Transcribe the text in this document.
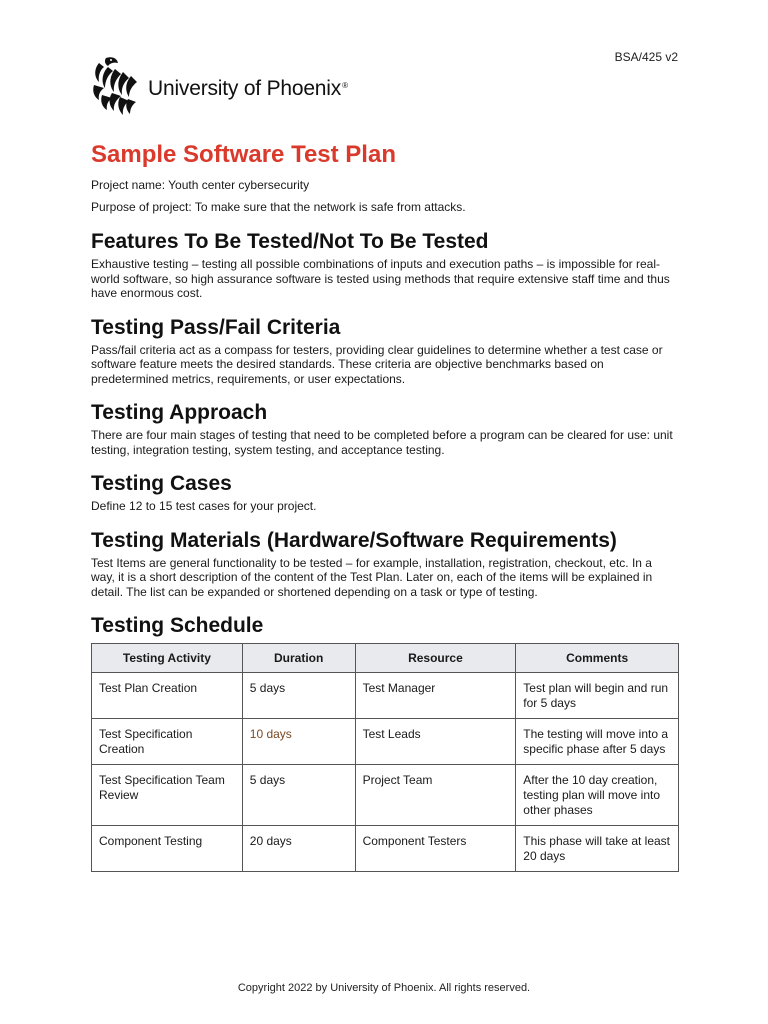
BSA/425 v2
University of Phoenix®
Sample Software Test Plan

Project name: Youth center cybersecurity

Purpose of project: To make sure that the network is safe from attacks.

Features To Be Tested/Not To Be Tested

Exhaustive testing – testing all possible combinations of inputs and execution paths – is impossible for real-world software, so high assurance software is tested using methods that require extensive staff time and thus have enormous cost.

Testing Pass/Fail Criteria

Pass/fail criteria act as a compass for testers, providing clear guidelines to determine whether a test case or software feature meets the desired standards. These criteria are objective benchmarks based on predetermined metrics, requirements, or user expectations.

Testing Approach

There are four main stages of testing that need to be completed before a program can be cleared for use: unit testing, integration testing, system testing, and acceptance testing.

Testing Cases

Define 12 to 15 test cases for your project.

Testing Materials (Hardware/Software Requirements)

Test Items are general functionality to be tested – for example, installation, registration, checkout, etc. In a way, it is a short description of the content of the Test Plan. Later on, each of the items will be explained in detail. The list can be expanded or shortened depending on a task or type of testing.

Testing Schedule
Testing Activity	Duration	Resource	Comments
Test Plan Creation	5 days	Test Manager	Test plan will begin and run for 5 days
Test Specification Creation	10 days	Test Leads	The testing will move into a specific phase after 5 days
Test Specification Team Review	5 days	Project Team	After the 10 day creation, testing plan will move into other phases
Component Testing	20 days	Component Testers	This phase will take at least 20 days
Copyright 2022 by University of Phoenix. All rights reserved.
